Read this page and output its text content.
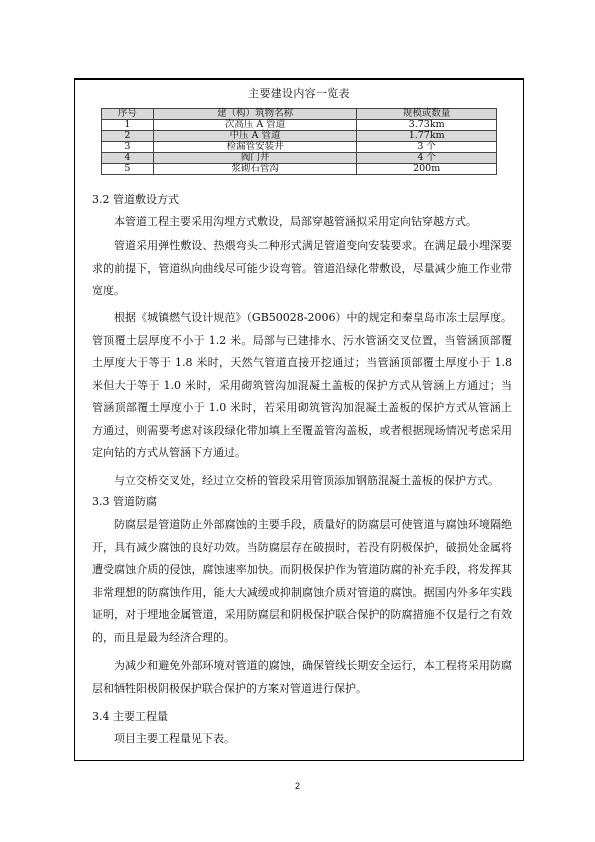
主要建设内容一览表
序号	建（构）筑物名称	规模或数量
1	次高压 A 管道	3.73km
2	中压 A 管道	1.77km
3	检漏管安装井	3 个
4	阀门井	4 个
5	浆砌石管沟	200m
3.2 管道敷设方式
本管道工程主要采用沟埋方式敷设，局部穿越管涵拟采用定向钻穿越方式。
管道采用弹性敷设、热煨弯头二种形式满足管道变向安装要求。在满足最小埋深要求的前提下，管道纵向曲线尽可能少设弯管。管道沿绿化带敷设，尽量减少施工作业带宽度。
根据《城镇燃气设计规范》（GB50028-2006）中的规定和秦皇岛市冻土层厚度。管顶覆土层厚度不小于 1.2 米。局部与已建排水、污水管涵交叉位置，当管涵顶部覆土厚度大于等于 1.8 米时，天然气管道直接开挖通过；当管涵顶部覆土厚度小于 1.8 米但大于等于 1.0 米时，采用砌筑管沟加混凝土盖板的保护方式从管涵上方通过；当管涵顶部覆土厚度小于 1.0 米时，若采用砌筑管沟加混凝土盖板的保护方式从管涵上方通过，则需要考虑对该段绿化带加填上至覆盖管沟盖板，或者根据现场情况考虑采用定向钻的方式从管涵下方通过。
与立交桥交叉处，经过立交桥的管段采用管顶添加钢筋混凝土盖板的保护方式。
3.3 管道防腐
防腐层是管道防止外部腐蚀的主要手段，质量好的防腐层可使管道与腐蚀环境隔绝开，具有减少腐蚀的良好功效。当防腐层存在破损时，若没有阴极保护，破损处金属将遭受腐蚀介质的侵蚀，腐蚀速率加快。而阴极保护作为管道防腐的补充手段，将发挥其非常理想的防腐蚀作用，能大大减缓或抑制腐蚀介质对管道的腐蚀。据国内外多年实践证明，对于埋地金属管道，采用防腐层和阴极保护联合保护的防腐措施不仅是行之有效的，而且是最为经济合理的。
为减少和避免外部环境对管道的腐蚀，确保管线长期安全运行，本工程将采用防腐层和牺牲阳极阴极保护联合保护的方案对管道进行保护。
3.4 主要工程量
项目主要工程量见下表。
2
